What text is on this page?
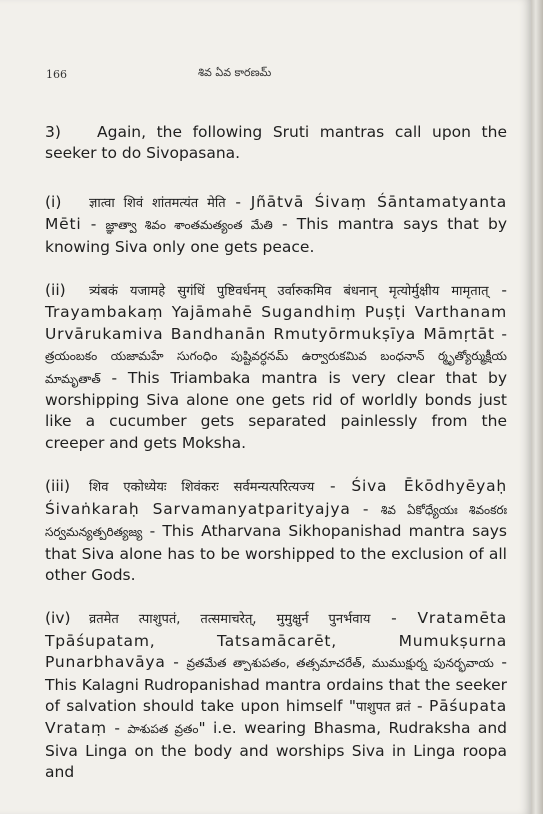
166	శివ ఏవ కారణమ్

3) Again, the following Sruti mantras call upon the seeker to do Sivopasana.

(i) ज्ञात्वा शिवं शांतमत्यंत मेति - Jñātvā Śivaṃ Śāntamatyanta Mēti - జ్ఞాత్వా శివం శాంతమత్యంత మేతి - This mantra says that by knowing Siva only one gets peace.

(ii) त्र्यंबकं यजामहे सुगंधिं पुष्टिवर्धनम् उर्वारुकमिव बंधनान् मृत्योर्मुक्षीय मामृतात् - Trayambakaṃ Yajāmahē Sugandhiṃ Puṣṭi Varthanam Urvārukamiva Bandhanān Rmutyōrmukṣīya Māmṛtāt - త్రయంబకం యజామహే సుగంధిం పుష్టివర్ధనమ్ ఉర్వారుకమివ బంధనాన్ ర్మృత్యోర్ముక్షీయ మామృతాత్ - This Triambaka mantra is very clear that by worshipping Siva alone one gets rid of worldly bonds just like a cucumber gets separated painlessly from the creeper and gets Moksha.

(iii) शिव एकोध्येयः शिवंकरः सर्वमन्यत्परित्यज्य - Śiva Ēkōdhyēyaḥ Śivaṅkaraḥ Sarvamanyatparityajya - శివ ఏకోధ్యేయః శివంకరః సర్వమన్యత్పరిత్యజ్య - This Atharvana Sikhopanishad mantra says that Siva alone has to be worshipped to the exclusion of all other Gods.

(iv) व्रतमेत त्पाशुपतं, तत्समाचरेत्, मुमुक्षुर्न पुनर्भवाय - Vratamēta Tpāśupatam, Tatsamācarēt, Mumukṣurna Punarbhavāya - వ్రతమేత త్పాశుపతం, తత్సమాచరేత్, ముముక్షుర్న పునర్భవాయ - This Kalagni Rudropanishad mantra ordains that the seeker of salvation should take upon himself "पाशुपत व्रतं - Pāśupata Vrataṃ - పాశుపత వ్రతం" i.e. wearing Bhasma, Rudraksha and Siva Linga on the body and worships Siva in Linga roopa and
